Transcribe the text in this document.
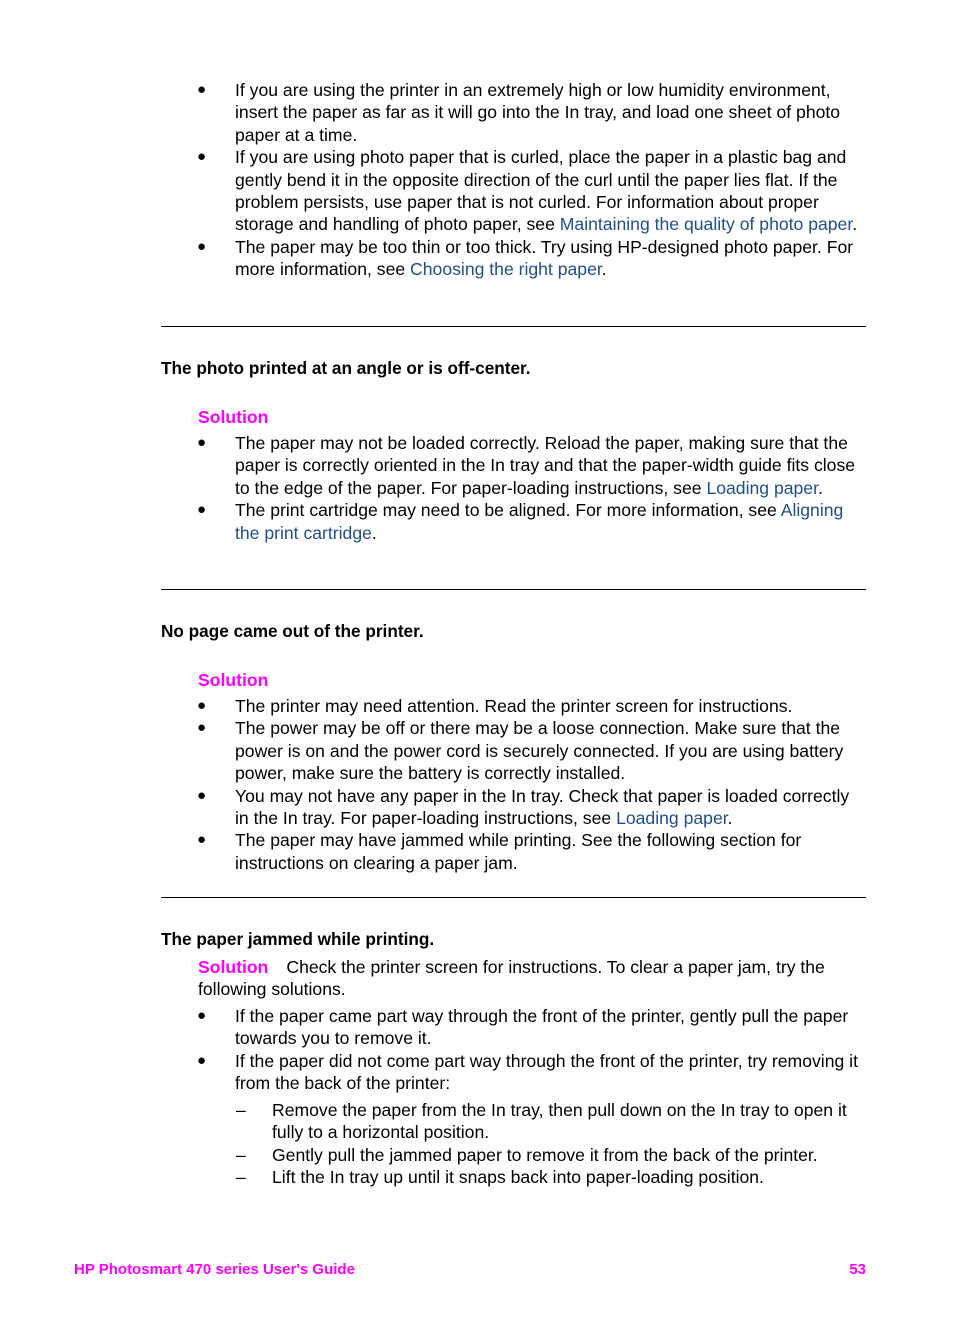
● If you are using the printer in an extremely high or low humidity environment, insert the paper as far as it will go into the In tray, and load one sheet of photo paper at a time.
● If you are using photo paper that is curled, place the paper in a plastic bag and gently bend it in the opposite direction of the curl until the paper lies flat. If the problem persists, use paper that is not curled. For information about proper storage and handling of photo paper, see Maintaining the quality of photo paper.
● The paper may be too thin or too thick. Try using HP-designed photo paper. For more information, see Choosing the right paper.
The photo printed at an angle or is off-center.
Solution
● The paper may not be loaded correctly. Reload the paper, making sure that the paper is correctly oriented in the In tray and that the paper-width guide fits close to the edge of the paper. For paper-loading instructions, see Loading paper.
● The print cartridge may need to be aligned. For more information, see Aligning the print cartridge.
No page came out of the printer.
Solution
● The printer may need attention. Read the printer screen for instructions.
● The power may be off or there may be a loose connection. Make sure that the power is on and the power cord is securely connected. If you are using battery power, make sure the battery is correctly installed.
● You may not have any paper in the In tray. Check that paper is loaded correctly in the In tray. For paper-loading instructions, see Loading paper.
● The paper may have jammed while printing. See the following section for instructions on clearing a paper jam.
The paper jammed while printing.
Solution Check the printer screen for instructions. To clear a paper jam, try the following solutions.
● If the paper came part way through the front of the printer, gently pull the paper towards you to remove it.
● If the paper did not come part way through the front of the printer, try removing it from the back of the printer:
– Remove the paper from the In tray, then pull down on the In tray to open it fully to a horizontal position.
– Gently pull the jammed paper to remove it from the back of the printer.
– Lift the In tray up until it snaps back into paper-loading position.
HP Photosmart 470 series User's Guide	53
